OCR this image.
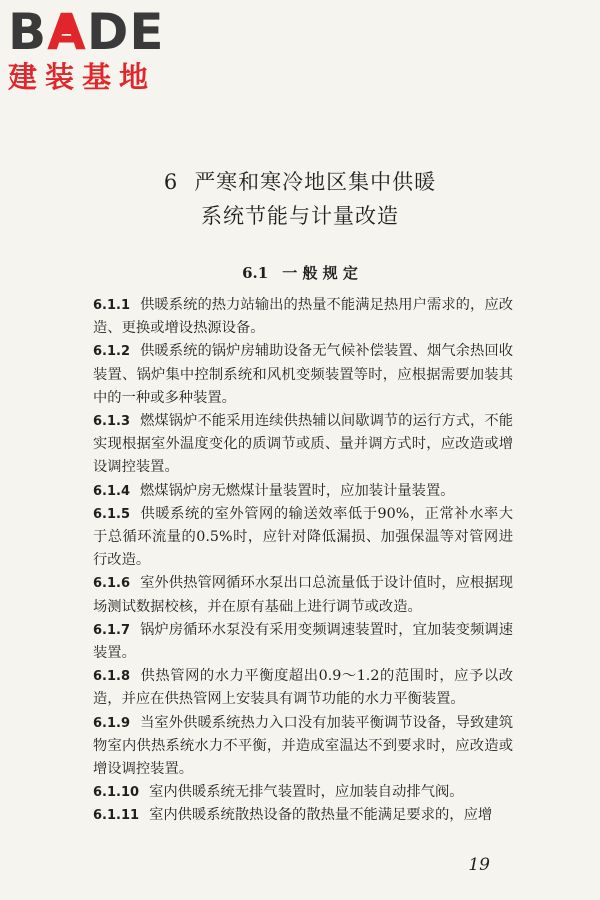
B A DE
建装基地
6 严寒和寒冷地区集中供暖
系统节能与计量改造
6.1 一 般 规 定

6.1.1 供暖系统的热力站输出的热量不能满足热用户需求的，应改造、更换或增设热源设备。

6.1.2 供暖系统的锅炉房辅助设备无气候补偿装置、烟气余热回收装置、锅炉集中控制系统和风机变频装置等时，应根据需要加装其中的一种或多种装置。

6.1.3 燃煤锅炉不能采用连续供热辅以间歇调节的运行方式，不能实现根据室外温度变化的质调节或质、量并调方式时，应改造或增设调控装置。

6.1.4 燃煤锅炉房无燃煤计量装置时，应加装计量装置。

6.1.5 供暖系统的室外管网的输送效率低于90%，正常补水率大于总循环流量的0.5%时，应针对降低漏损、加强保温等对管网进行改造。

6.1.6 室外供热管网循环水泵出口总流量低于设计值时，应根据现场测试数据校核，并在原有基础上进行调节或改造。

6.1.7 锅炉房循环水泵没有采用变频调速装置时，宜加装变频调速装置。

6.1.8 供热管网的水力平衡度超出0.9～1.2的范围时，应予以改造，并应在供热管网上安装具有调节功能的水力平衡装置。

6.1.9 当室外供暖系统热力入口没有加装平衡调节设备，导致建筑物室内供热系统水力不平衡，并造成室温达不到要求时，应改造或增设调控装置。

6.1.10 室内供暖系统无排气装置时，应加装自动排气阀。

6.1.11 室内供暖系统散热设备的散热量不能满足要求的，应增

19
